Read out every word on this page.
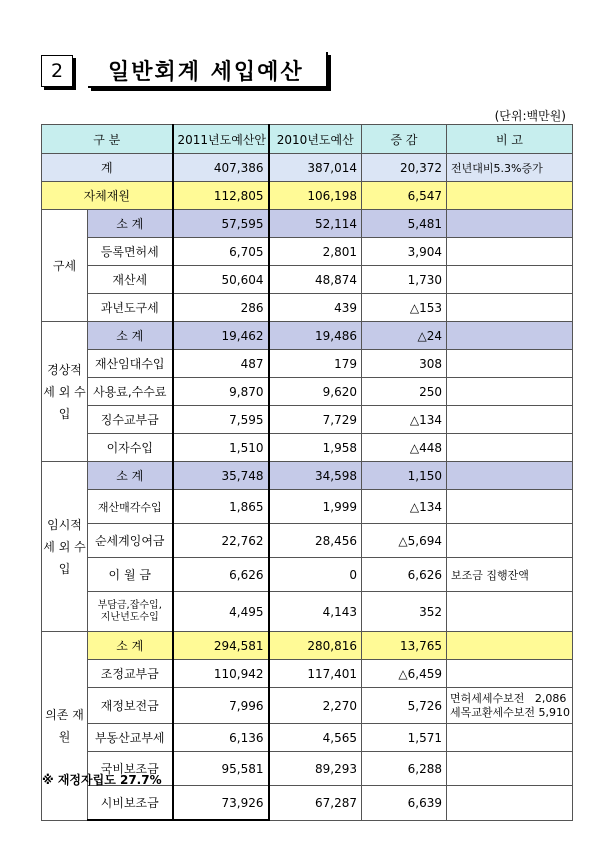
2	일반회계 세입예산
(단위:백만원)
구 분		2011년도예산안	2010년도예산	증 감	비 고
계		407,386	387,014	20,372	전년대비5.3%증가
자체재원		112,805	106,198	6,547	
구세	소 계	57,595	52,114	5,481	
	등록면허세	6,705	2,801	3,904	
	재산세	50,604	48,874	1,730	
	과년도구세	286	439	△153	
경상적 세 외 수 입	소 계	19,462	19,486	△24	
	재산임대수입	487	179	308	
	사용료,수수료	9,870	9,620	250	
	징수교부금	7,595	7,729	△134	
	이자수입	1,510	1,958	△448	
임시적 세 외 수 입	소 계	35,748	34,598	1,150	
	재산매각수입	1,865	1,999	△134	
	순세계잉여금	22,762	28,456	△5,694	
	이 월 금	6,626	0	6,626	보조금 집행잔액
	부담금,잡수입, 지난년도수입	4,495	4,143	352	
의존 재원	소 계	294,581	280,816	13,765	
	조정교부금	110,942	117,401	△6,459	
	재정보전금	7,996	2,270	5,726	면허세세수보전   2,086
세목교환세수보전 5,910

	부동산교부세	6,136	4,565	1,571	
	국비보조금	95,581	89,293	6,288	
	시비보조금	73,926	67,287	6,639	
※ 재정자립도 27.7%
